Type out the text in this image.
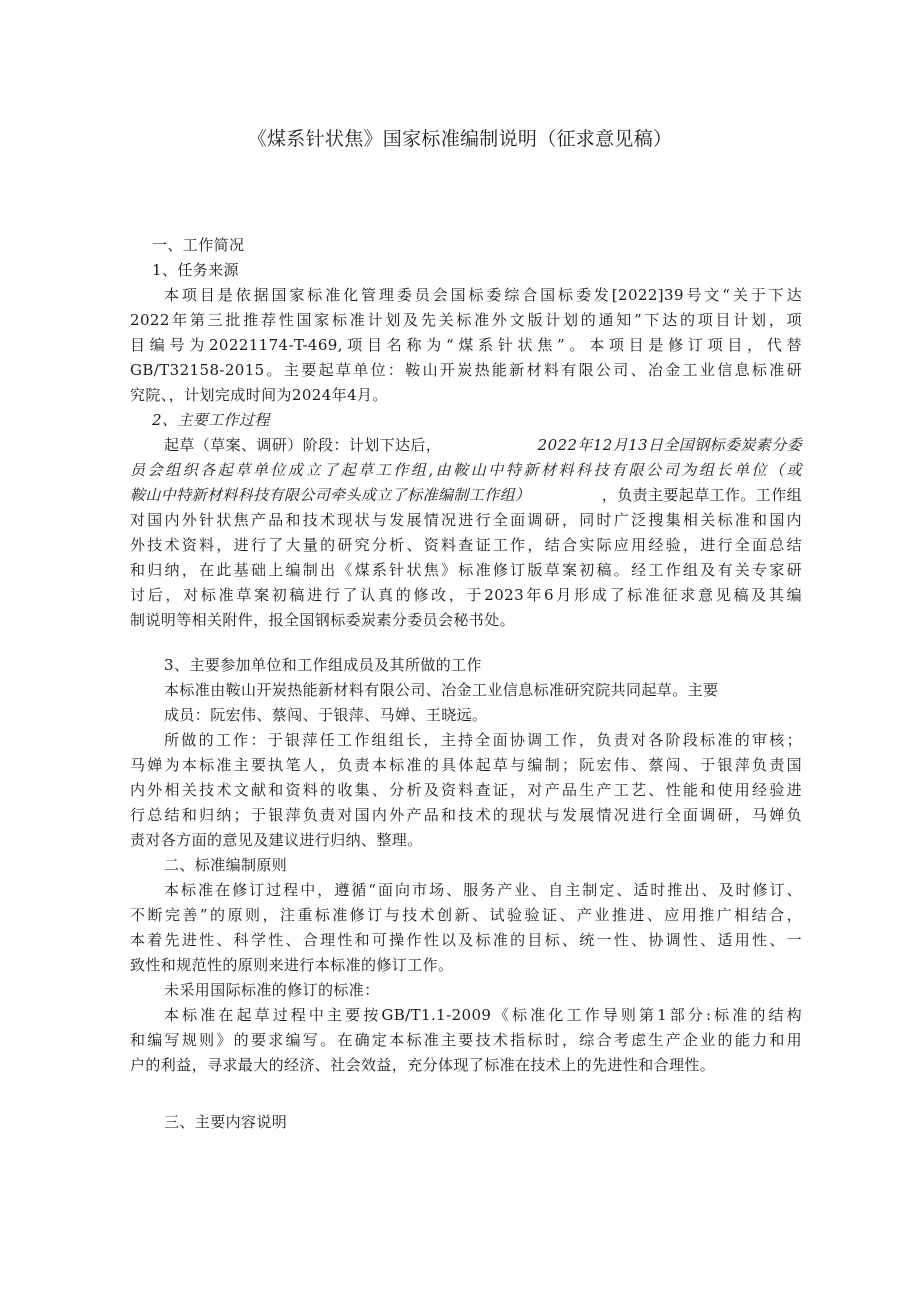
《煤系针状焦》国家标准编制说明（征求意见稿）
一、工作简况
1、任务来源
本项目是依据国家标准化管理委员会国标委综合国标委发[2022]39号文“关于下达
2022年第三批推荐性国家标准计划及先关标准外文版计划的通知”下达的项目计划，项
目编号为20221174-T-469,项目名称为“煤系针状焦”。本项目是修订项目，代替
GB/T32158-2015。主要起草单位：鞍山开炭热能新材料有限公司、冶金工业信息标准研
究院、，计划完成时间为2024年4月。
2、主要工作过程
起草（草案、调研）阶段：计划下达后，	2022年12月13日全国钢标委炭素分委
员会组织各起草单位成立了起草工作组,由鞍山中特新材料科技有限公司为组长单位（或
鞍山中特新材料科技有限公司牵头成立了标准编制工作组）	，负责主要起草工作。工作组
对国内外针状焦产品和技术现状与发展情况进行全面调研，同时广泛搜集相关标准和国内
外技术资料，进行了大量的研究分析、资料查证工作，结合实际应用经验，进行全面总结
和归纳，在此基础上编制出《煤系针状焦》标准修订版草案初稿。经工作组及有关专家研
讨后，对标准草案初稿进行了认真的修改，于2023年6月形成了标准征求意见稿及其编
制说明等相关附件，报全国钢标委炭素分委员会秘书处。
3、主要参加单位和工作组成员及其所做的工作
本标准由鞍山开炭热能新材料有限公司、冶金工业信息标准研究院共同起草。主要
成员：阮宏伟、蔡闯、于银萍、马婵、王晓远。
所做的工作：于银萍任工作组组长，主持全面协调工作，负责对各阶段标准的审核；
马婵为本标准主要执笔人，负责本标准的具体起草与编制；阮宏伟、蔡闯、于银萍负责国
内外相关技术文献和资料的收集、分析及资料查证，对产品生产工艺、性能和使用经验进
行总结和归纳；于银萍负责对国内外产品和技术的现状与发展情况进行全面调研，马婵负
责对各方面的意见及建议进行归纳、整理。
二、标准编制原则
本标准在修订过程中，遵循“面向市场、服务产业、自主制定、适时推出、及时修订、
不断完善”的原则，注重标准修订与技术创新、试验验证、产业推进、应用推广相结合，
本着先进性、科学性、合理性和可操作性以及标准的目标、统一性、协调性、适用性、一
致性和规范性的原则来进行本标准的修订工作。
未采用国际标准的修订的标准：
本标准在起草过程中主要按GB/T1.1-2009《标准化工作导则第1部分:标准的结构
和编写规则》的要求编写。在确定本标准主要技术指标时，综合考虑生产企业的能力和用
户的利益，寻求最大的经济、社会效益，充分体现了标准在技术上的先进性和合理性。
三、主要内容说明
